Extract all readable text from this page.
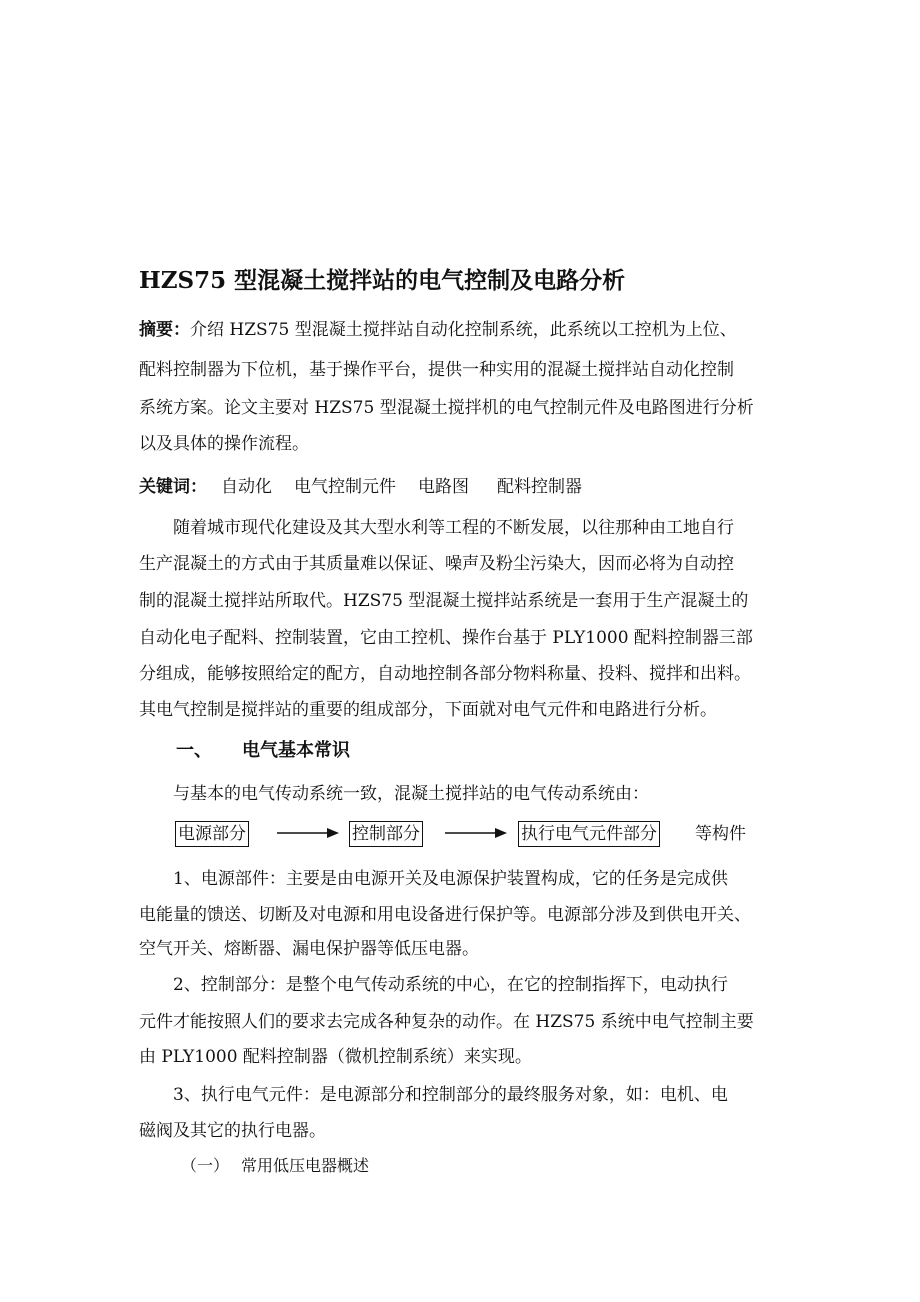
HZS75 型混凝土搅拌站的电气控制及电路分析
摘要：介绍 HZS75 型混凝土搅拌站自动化控制系统，此系统以工控机为上位、
配料控制器为下位机，基于操作平台，提供一种实用的混凝土搅拌站自动化控制
系统方案。论文主要对 HZS75 型混凝土搅拌机的电气控制元件及电路图进行分析
以及具体的操作流程。
关键词： 自动化 电气控制元件 电路图 配料控制器
随着城市现代化建设及其大型水利等工程的不断发展，以往那种由工地自行
生产混凝土的方式由于其质量难以保证、噪声及粉尘污染大，因而必将为自动控
制的混凝土搅拌站所取代。HZS75 型混凝土搅拌站系统是一套用于生产混凝土的
自动化电子配料、控制装置，它由工控机、操作台基于 PLY1000 配料控制器三部
分组成，能够按照给定的配方，自动地控制各部分物料称量、投料、搅拌和出料。
其电气控制是搅拌站的重要的组成部分，下面就对电气元件和电路进行分析。
一、 电气基本常识
与基本的电气传动系统一致，混凝土搅拌站的电气传动系统由：
电源部分	控制部分	执行电气元件部分 等构件
1、电源部件：主要是由电源开关及电源保护装置构成，它的任务是完成供
电能量的馈送、切断及对电源和用电设备进行保护等。电源部分涉及到供电开关、
空气开关、熔断器、漏电保护器等低压电器。
2、控制部分：是整个电气传动系统的中心，在它的控制指挥下，电动执行
元件才能按照人们的要求去完成各种复杂的动作。在 HZS75 系统中电气控制主要
由 PLY1000 配料控制器（微机控制系统）来实现。
3、执行电气元件：是电源部分和控制部分的最终服务对象，如：电机、电
磁阀及其它的执行电器。
（一） 常用低压电器概述
